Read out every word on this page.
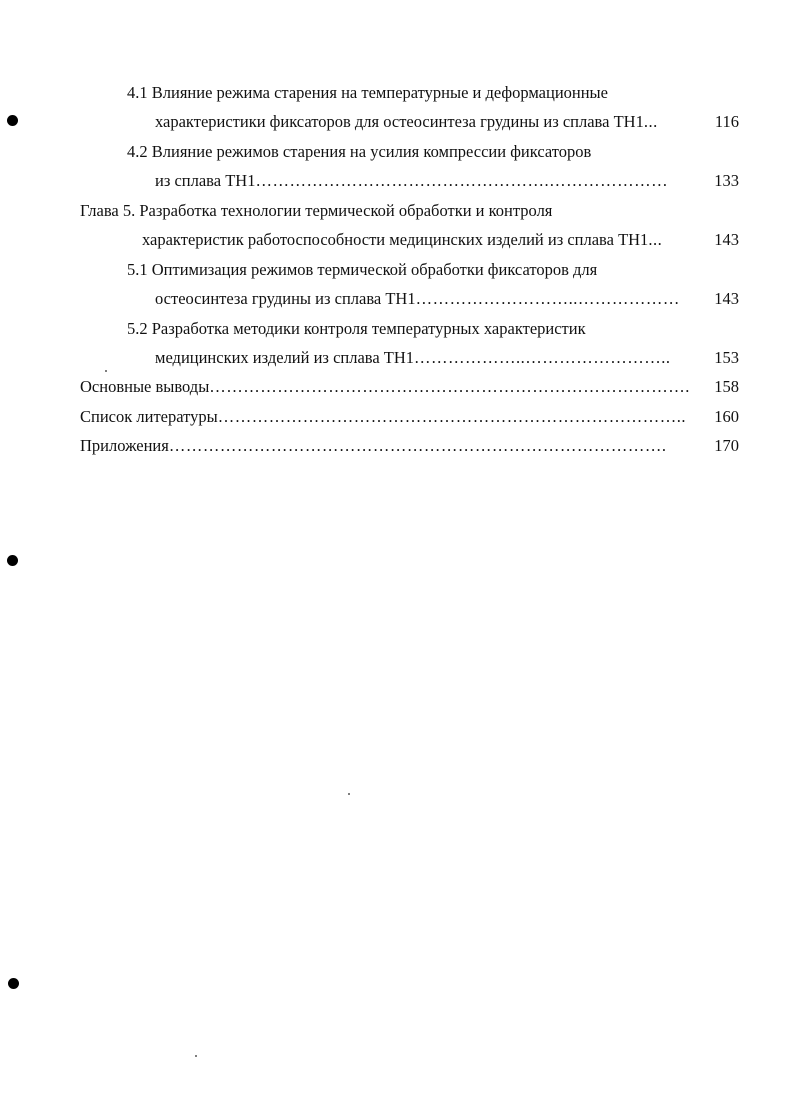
4.1 Влияние режима старения на температурные и деформационные
характеристики фиксаторов для остеосинтеза грудины из сплава ТН1 ...	116
4.2 Влияние режимов старения на усилия компрессии фиксаторов
из сплава ТН1 …………………………………………….…………………	133
Глава 5. Разработка технологии термической обработки и контроля
характеристик работоспособности медицинских изделий из сплава ТН1 ...	143
5.1 Оптимизация режимов термической обработки фиксаторов для
остеосинтеза грудины из сплава ТН1 ………………………..………………	143
5.2 Разработка методики контроля температурных характеристик
медицинских изделий из сплава ТН1 ………………..……………………..	153
Основные выводы ………………………………………………………………………….	158
Список литературы ………………………………………………………………………..	160
Приложения …………………………………………………………………………….	170
